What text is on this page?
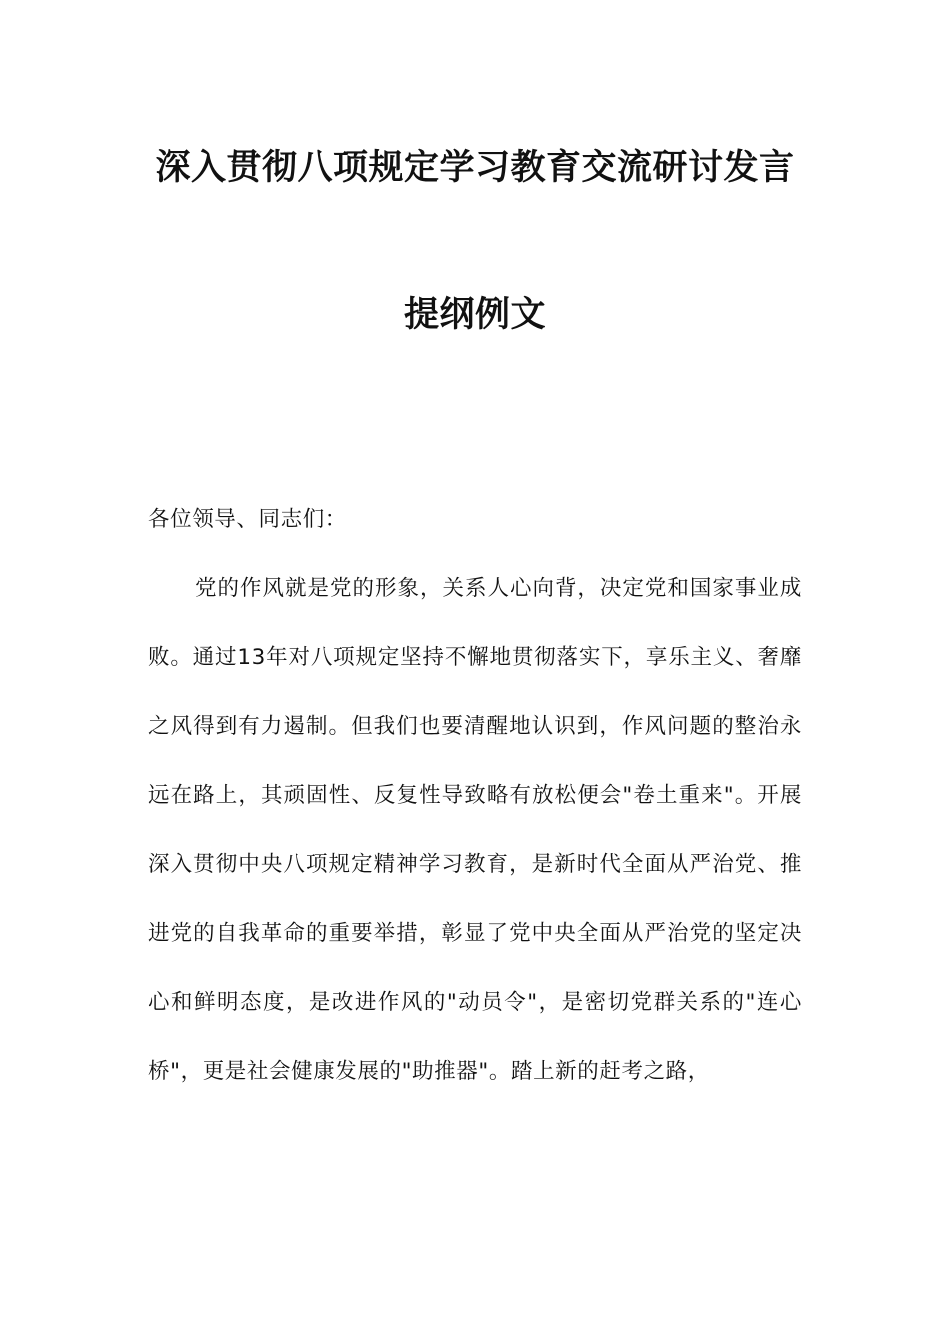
深入贯彻八项规定学习教育交流研讨发言提纲例文

各位领导、同志们：

党的作风就是党的形象，关系人心向背，决定党和国家事业成败。通过13年对八项规定坚持不懈地贯彻落实下，享乐主义、奢靡之风得到有力遏制。但我们也要清醒地认识到，作风问题的整治永远在路上，其顽固性、反复性导致略有放松便会"卷土重来"。开展深入贯彻中央八项规定精神学习教育，是新时代全面从严治党、推进党的自我革命的重要举措，彰显了党中央全面从严治党的坚定决心和鲜明态度，是改进作风的"动员令"，是密切党群关系的"连心桥"，更是社会健康发展的"助推器"。踏上新的赶考之路，
